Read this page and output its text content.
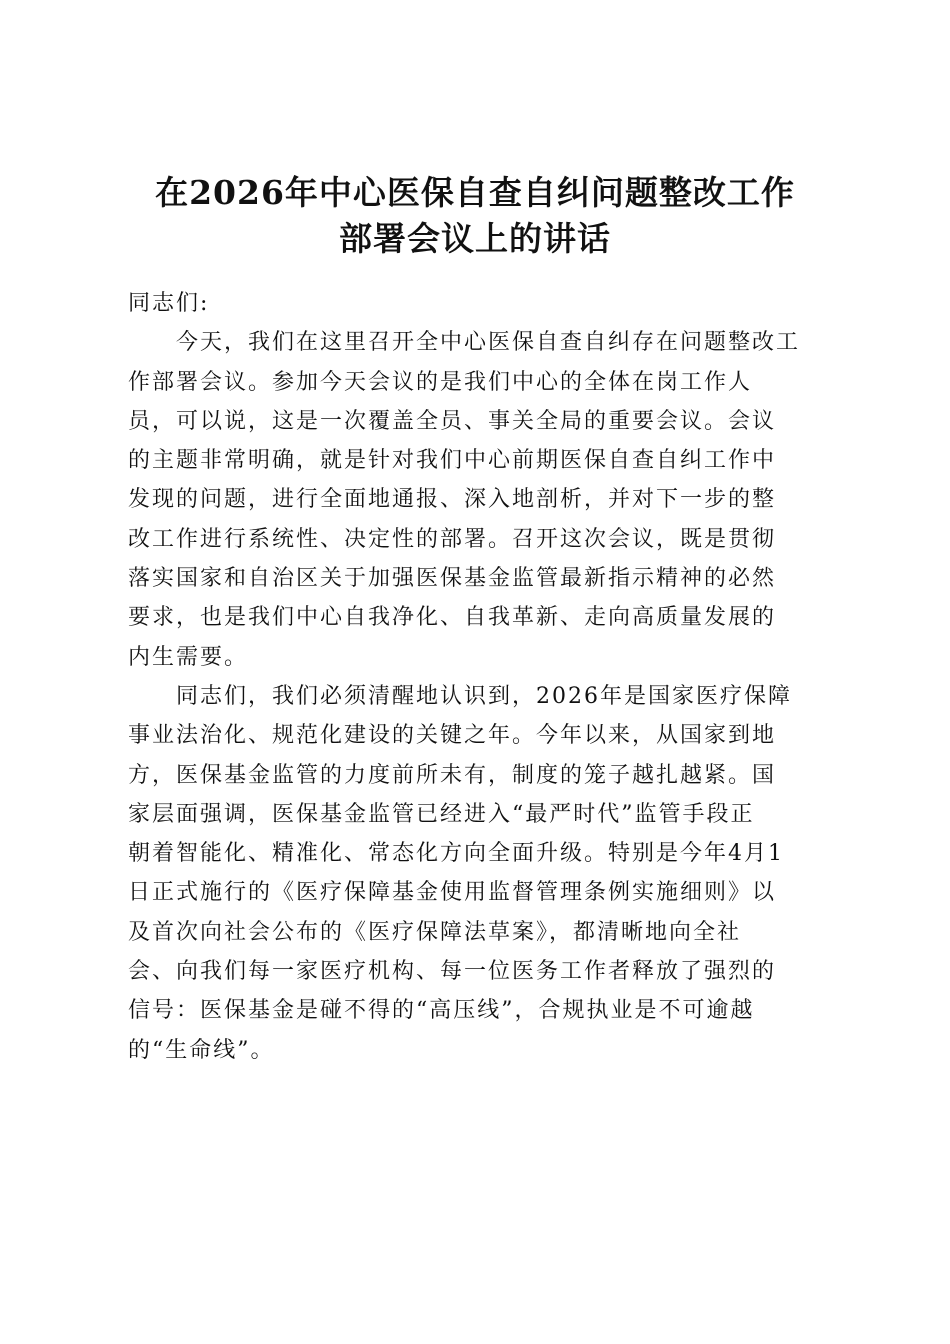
在2026年中心医保自查自纠问题整改工作
部署会议上的讲话
同志们:
　　今天，我们在这里召开全中心医保自查自纠存在问题整改工
作部署会议。参加今天会议的是我们中心的全体在岗工作人
员，可以说，这是一次覆盖全员、事关全局的重要会议。会议
的主题非常明确，就是针对我们中心前期医保自查自纠工作中
发现的问题，进行全面地通报、深入地剖析，并对下一步的整
改工作进行系统性、决定性的部署。召开这次会议，既是贯彻
落实国家和自治区关于加强医保基金监管最新指示精神的必然
要求，也是我们中心自我净化、自我革新、走向高质量发展的
内生需要。
　　同志们，我们必须清醒地认识到，2026年是国家医疗保障
事业法治化、规范化建设的关键之年。今年以来，从国家到地
方，医保基金监管的力度前所未有，制度的笼子越扎越紧。国
家层面强调，医保基金监管已经进入“最严时代”监管手段正
朝着智能化、精准化、常态化方向全面升级。特别是今年4月1
日正式施行的《医疗保障基金使用监督管理条例实施细则》以
及首次向社会公布的《医疗保障法草案》，都清晰地向全社
会、向我们每一家医疗机构、每一位医务工作者释放了强烈的
信号：医保基金是碰不得的“高压线”，合规执业是不可逾越
的“生命线”。
